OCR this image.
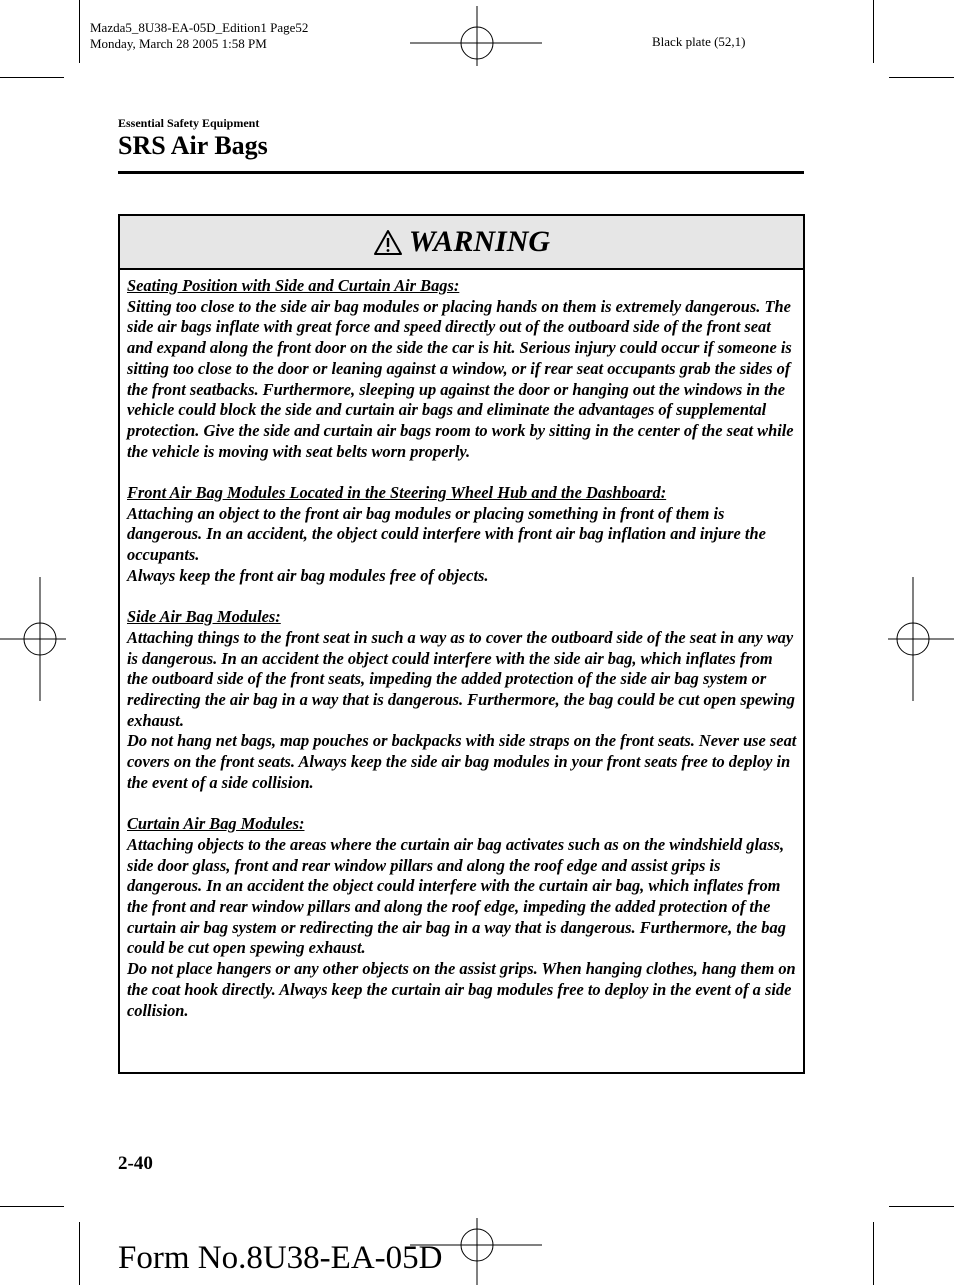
Mazda5_8U38-EA-05D_Edition1 Page52
Monday, March 28 2005 1:58 PM	Black plate (52,1)
Essential Safety Equipment
SRS Air Bags
WARNING
Seating Position with Side and Curtain Air Bags:
Sitting too close to the side air bag modules or placing hands on them is extremely dangerous. The side air bags inflate with great force and speed directly out of the outboard side of the front seat and expand along the front door on the side the car is hit. Serious injury could occur if someone is sitting too close to the door or leaning against a window, or if rear seat occupants grab the sides of the front seatbacks. Furthermore, sleeping up against the door or hanging out the windows in the vehicle could block the side and curtain air bags and eliminate the advantages of supplemental protection. Give the side and curtain air bags room to work by sitting in the center of the seat while the vehicle is moving with seat belts worn properly.
Front Air Bag Modules Located in the Steering Wheel Hub and the Dashboard:
Attaching an object to the front air bag modules or placing something in front of them is dangerous. In an accident, the object could interfere with front air bag inflation and injure the occupants.
Always keep the front air bag modules free of objects.
Side Air Bag Modules:
Attaching things to the front seat in such a way as to cover the outboard side of the seat in any way is dangerous. In an accident the object could interfere with the side air bag, which inflates from the outboard side of the front seats, impeding the added protection of the side air bag system or redirecting the air bag in a way that is dangerous. Furthermore, the bag could be cut open spewing exhaust.
Do not hang net bags, map pouches or backpacks with side straps on the front seats. Never use seat covers on the front seats. Always keep the side air bag modules in your front seats free to deploy in the event of a side collision.
Curtain Air Bag Modules:
Attaching objects to the areas where the curtain air bag activates such as on the windshield glass, side door glass, front and rear window pillars and along the roof edge and assist grips is dangerous. In an accident the object could interfere with the curtain air bag, which inflates from the front and rear window pillars and along the roof edge, impeding the added protection of the curtain air bag system or redirecting the air bag in a way that is dangerous. Furthermore, the bag could be cut open spewing exhaust.
Do not place hangers or any other objects on the assist grips. When hanging clothes, hang them on the coat hook directly. Always keep the curtain air bag modules free to deploy in the event of a side collision.
2-40
Form No.8U38-EA-05D
